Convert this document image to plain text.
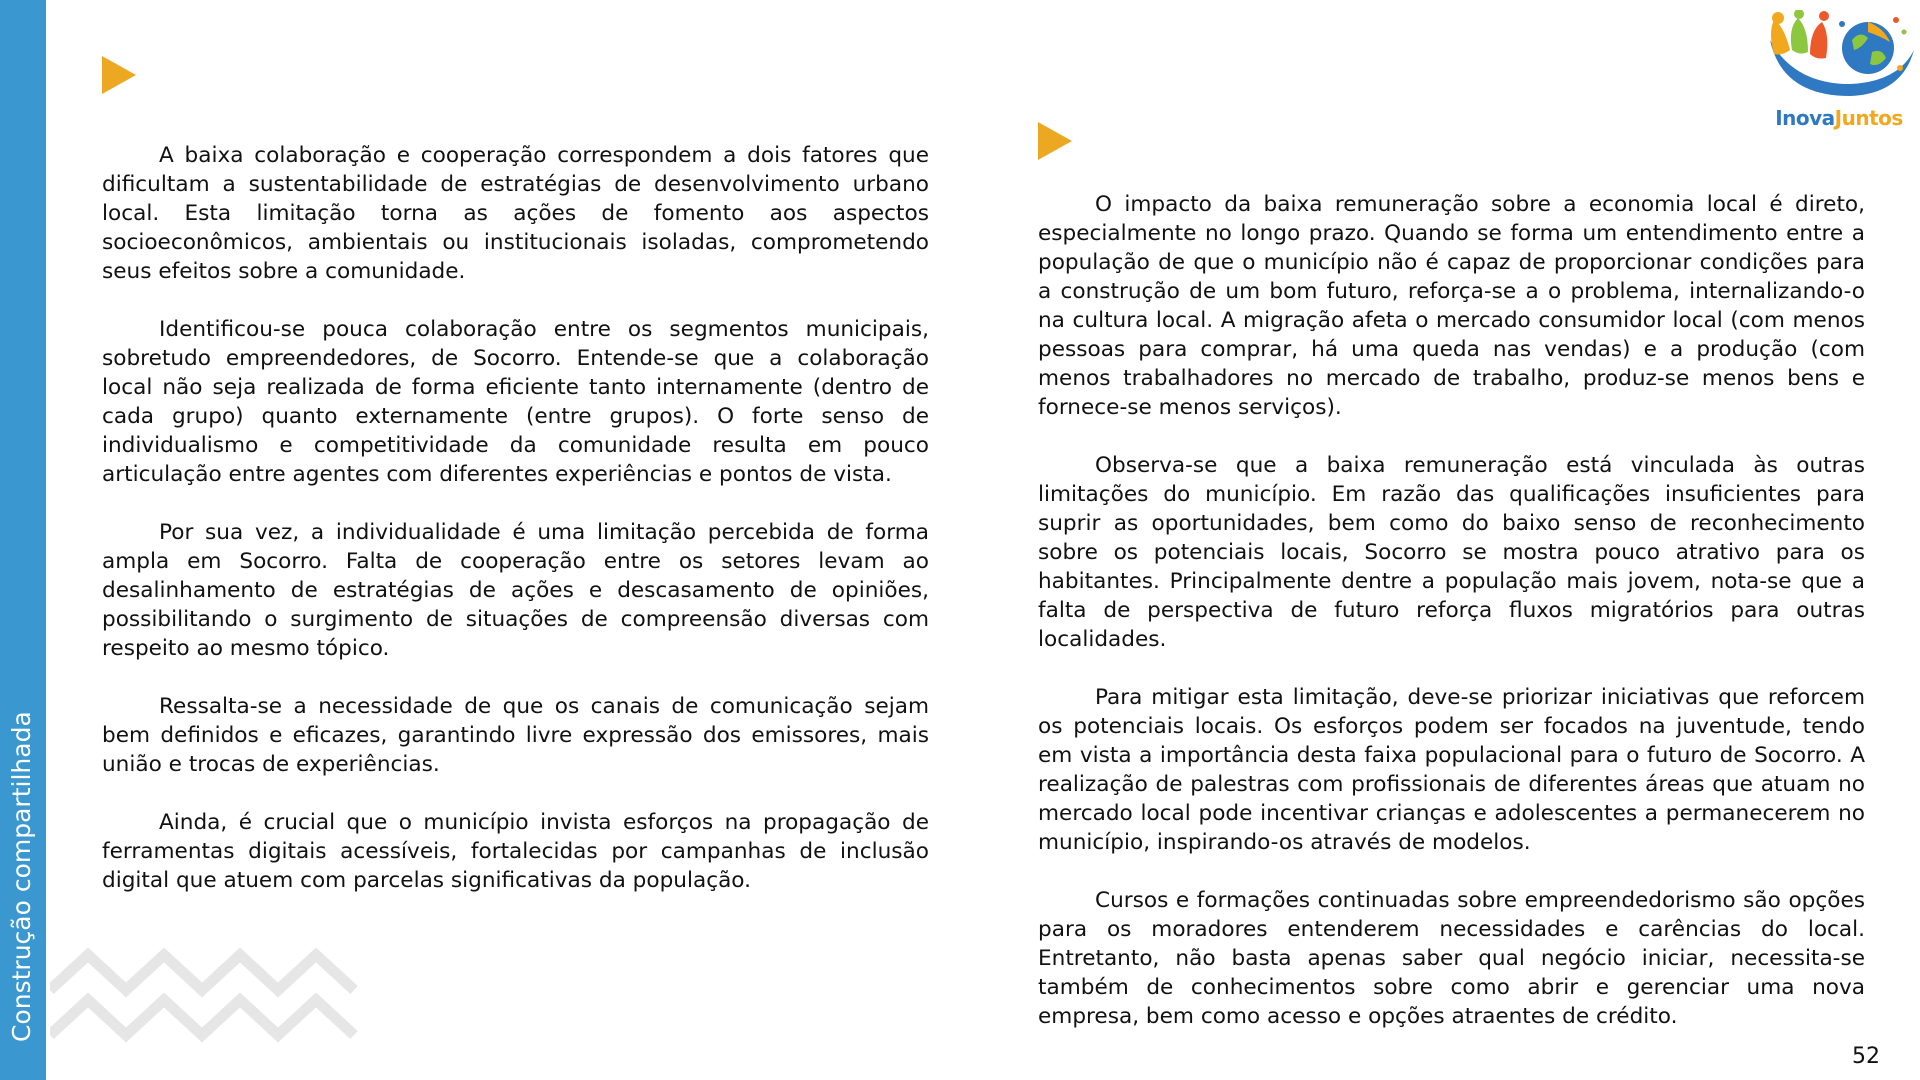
Construção compartilhada

A baixa colaboração e cooperação correspondem a dois fatores que dificultam a sustentabilidade de estratégias de desenvolvimento urbano local. Esta limitação torna as ações de fomento aos aspectos socioeconômicos, ambientais ou institucionais isoladas, comprometendo seus efeitos sobre a comunidade.

Identificou-se pouca colaboração entre os segmentos municipais, sobretudo empreendedores, de Socorro. Entende-se que a colaboração local não seja realizada de forma eficiente tanto internamente (dentro de cada grupo) quanto externamente (entre grupos). O forte senso de individualismo e competitividade da comunidade resulta em pouco articulação entre agentes com diferentes experiências e pontos de vista.

Por sua vez, a individualidade é uma limitação percebida de forma ampla em Socorro. Falta de cooperação entre os setores levam ao desalinhamento de estratégias de ações e descasamento de opiniões, possibilitando o surgimento de situações de compreensão diversas com respeito ao mesmo tópico.

Ressalta-se a necessidade de que os canais de comunicação sejam bem definidos e eficazes, garantindo livre expressão dos emissores, mais união e trocas de experiências.

Ainda, é crucial que o município invista esforços na propagação de ferramentas digitais acessíveis, fortalecidas por campanhas de inclusão digital que atuem com parcelas significativas da população.

O impacto da baixa remuneração sobre a economia local é direto, especialmente no longo prazo. Quando se forma um entendimento entre a população de que o município não é capaz de proporcionar condições para a construção de um bom futuro, reforça-se a o problema, internalizando-o na cultura local. A migração afeta o mercado consumidor local (com menos pessoas para comprar, há uma queda nas vendas) e a produção (com menos trabalhadores no mercado de trabalho, produz-se menos bens e fornece-se menos serviços).

Observa-se que a baixa remuneração está vinculada às outras limitações do município. Em razão das qualificações insuficientes para suprir as oportunidades, bem como do baixo senso de reconhecimento sobre os potenciais locais, Socorro se mostra pouco atrativo para os habitantes. Principalmente dentre a população mais jovem, nota-se que a falta de perspectiva de futuro reforça fluxos migratórios para outras localidades.

Para mitigar esta limitação, deve-se priorizar iniciativas que reforcem os potenciais locais. Os esforços podem ser focados na juventude, tendo em vista a importância desta faixa populacional para o futuro de Socorro. A realização de palestras com profissionais de diferentes áreas que atuam no mercado local pode incentivar crianças e adolescentes a permanecerem no município, inspirando-os através de modelos.

Cursos e formações continuadas sobre empreendedorismo são opções para os moradores entenderem necessidades e carências do local. Entretanto, não basta apenas saber qual negócio iniciar, necessita-se também de conhecimentos sobre como abrir e gerenciar uma nova empresa, bem como acesso e opções atraentes de crédito.

InovaJuntos
52
